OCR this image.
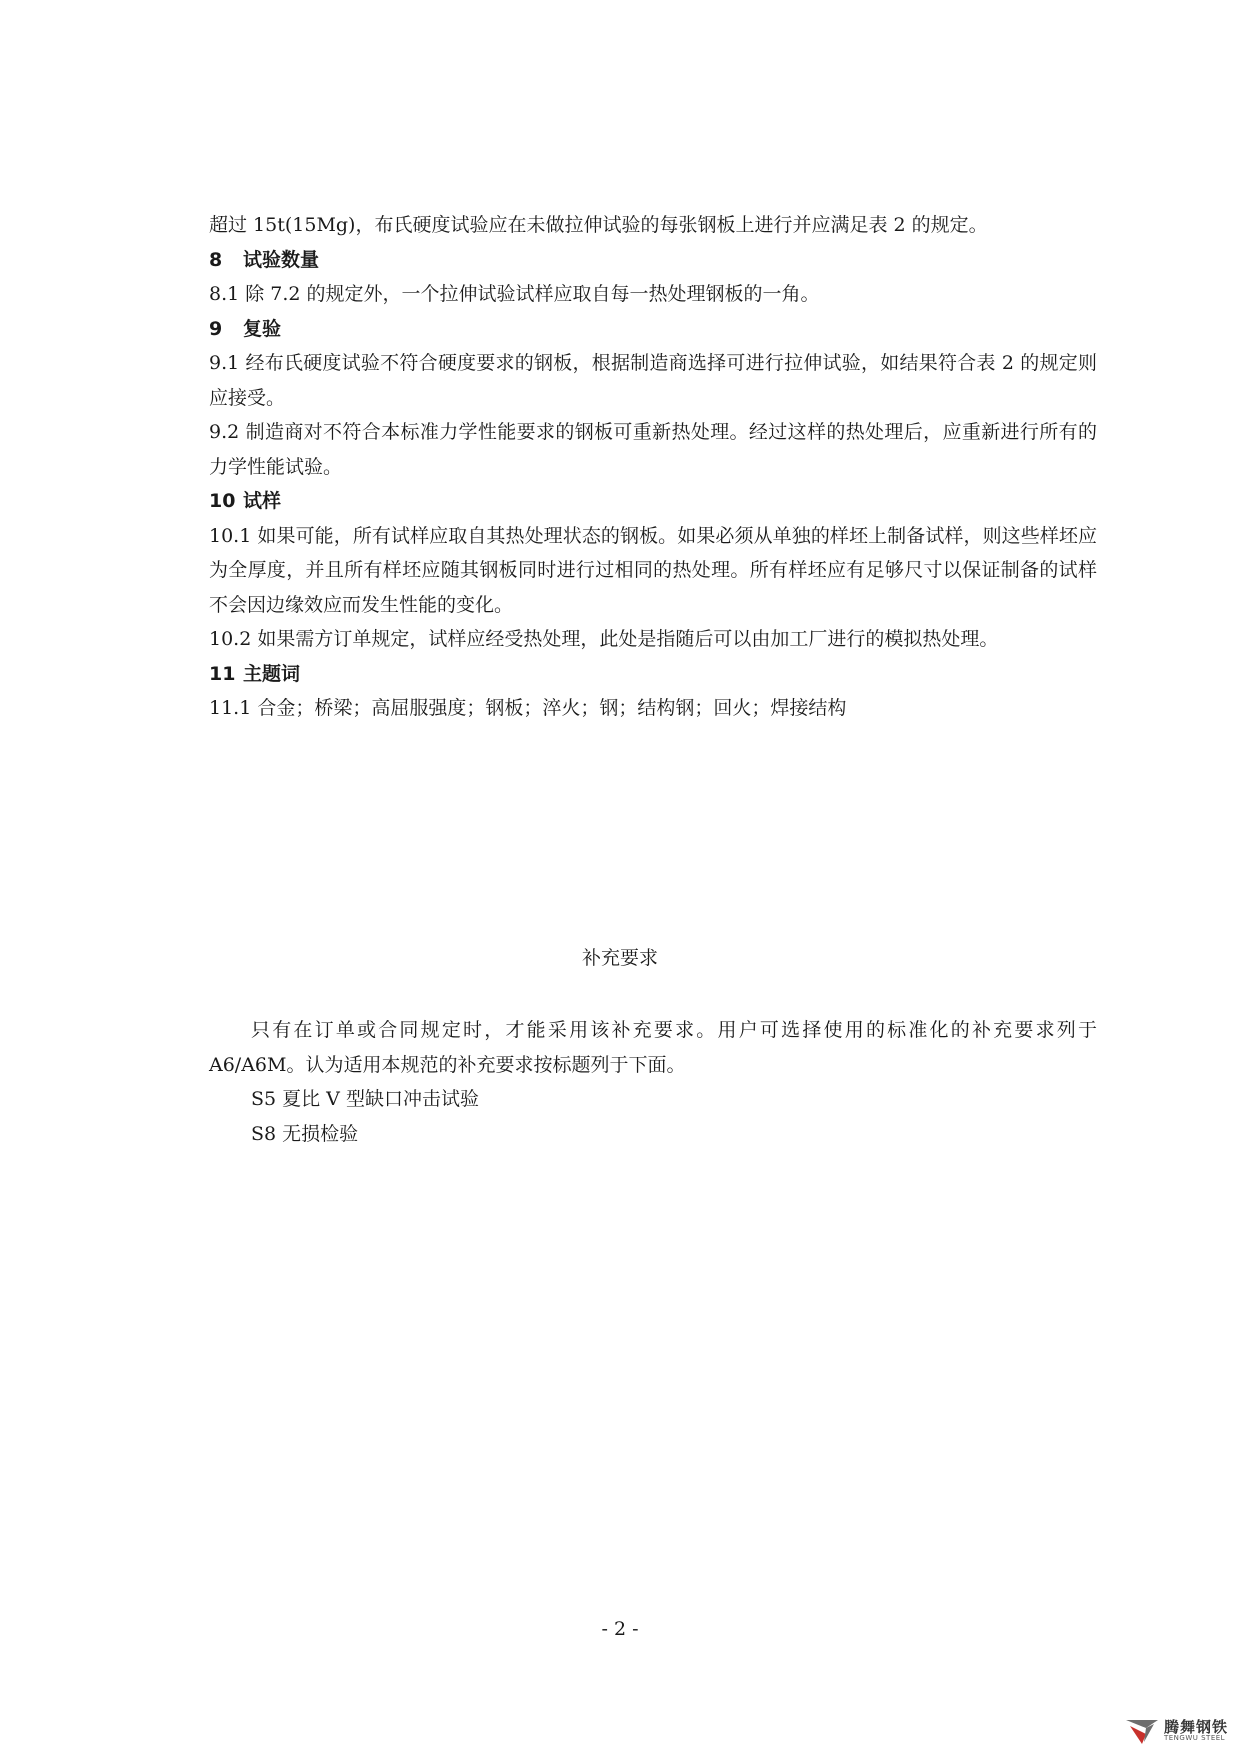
超过 15t(15Mg)，布氏硬度试验应在未做拉伸试验的每张钢板上进行并应满足表 2 的规定。
8 试验数量
8.1 除 7.2 的规定外，一个拉伸试验试样应取自每一热处理钢板的一角。
9 复验
9.1 经布氏硬度试验不符合硬度要求的钢板，根据制造商选择可进行拉伸试验，如结果符合表 2 的规定则应接受。
9.2 制造商对不符合本标准力学性能要求的钢板可重新热处理。经过这样的热处理后，应重新进行所有的力学性能试验。
10 试样
10.1 如果可能，所有试样应取自其热处理状态的钢板。如果必须从单独的样坯上制备试样，则这些样坯应为全厚度，并且所有样坯应随其钢板同时进行过相同的热处理。所有样坯应有足够尺寸以保证制备的试样不会因边缘效应而发生性能的变化。
10.2 如果需方订单规定，试样应经受热处理，此处是指随后可以由加工厂进行的模拟热处理。
11 主题词
11.1 合金；桥梁；高屈服强度；钢板；淬火；钢；结构钢；回火；焊接结构
补充要求
只有在订单或合同规定时，才能采用该补充要求。用户可选择使用的标准化的补充要求列于 A6/A6M。认为适用本规范的补充要求按标题列于下面。
S5 夏比 V 型缺口冲击试验
S8 无损检验
- 2 -
腾舞钢铁
TENGWU STEEL
